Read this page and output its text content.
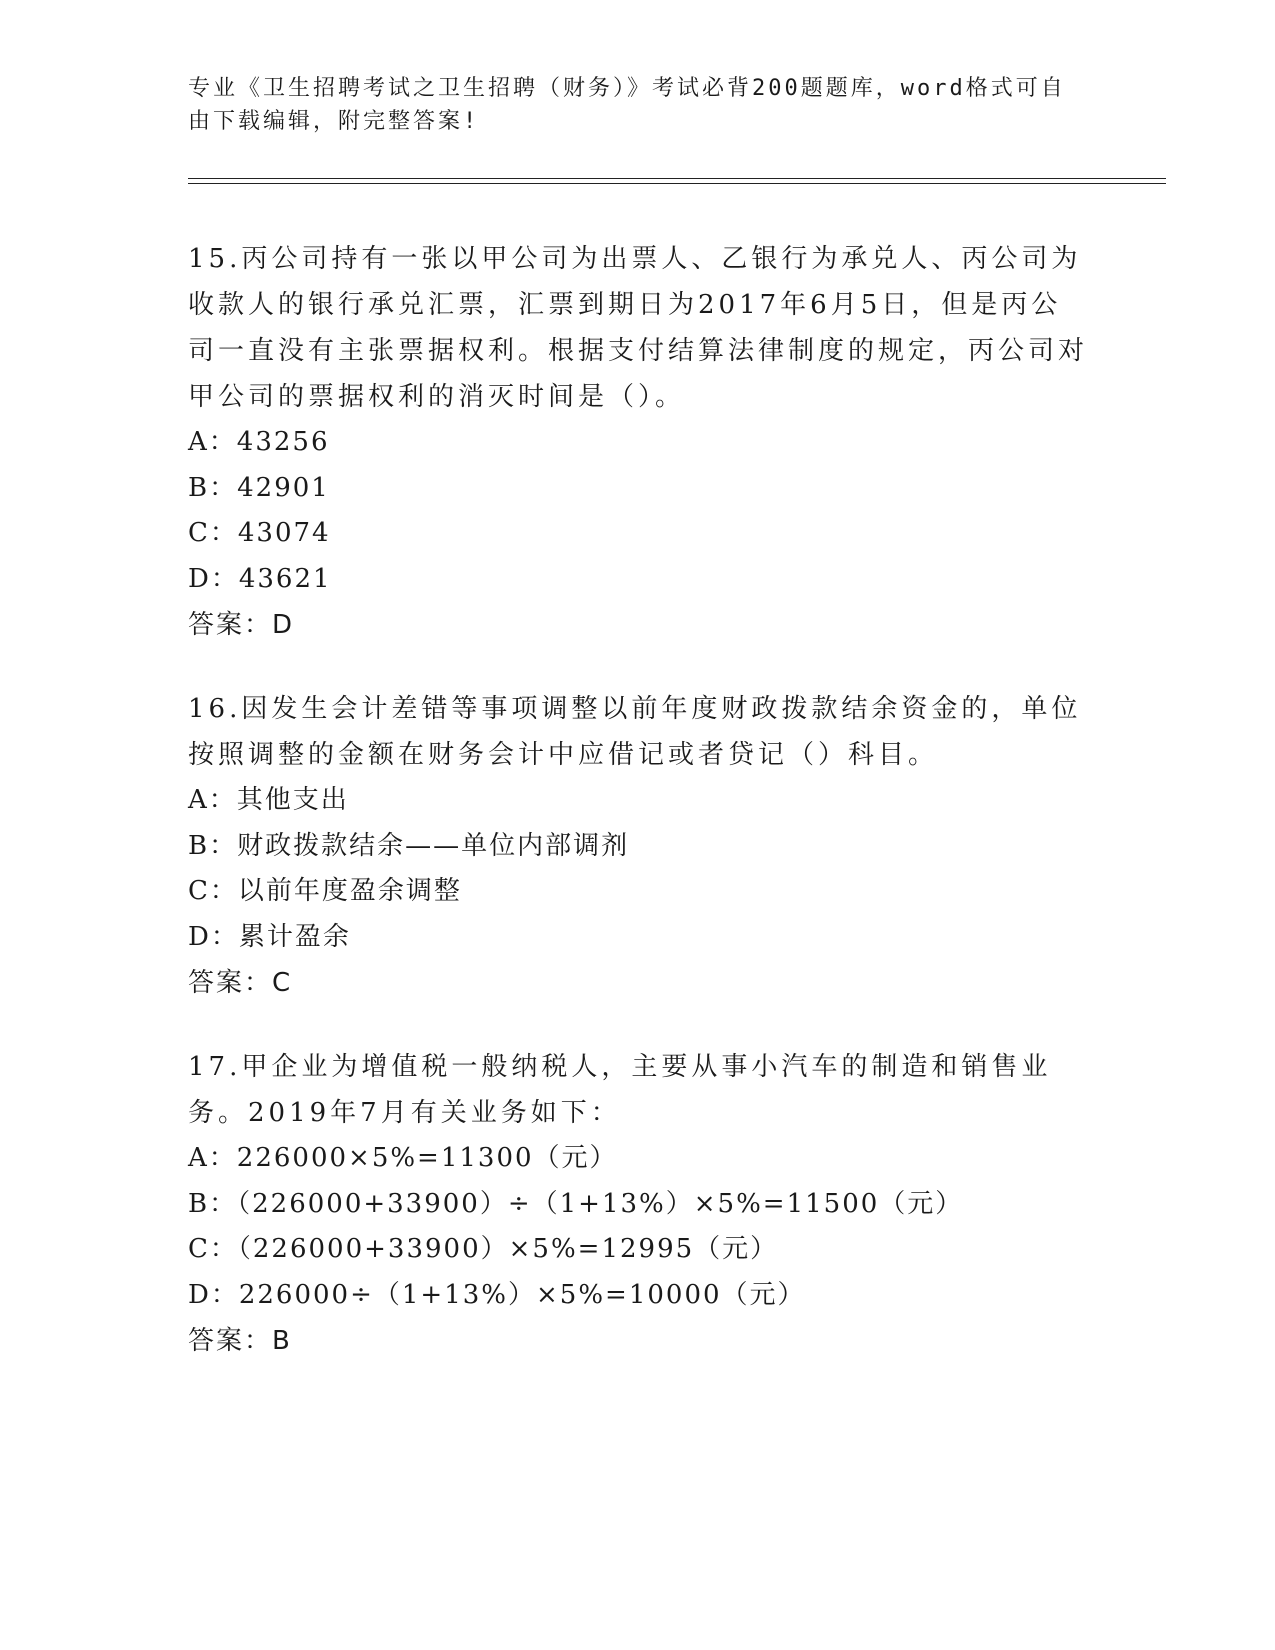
专业《卫生招聘考试之卫生招聘（财务）》考试必背200题题库，word格式可自由下载编辑，附完整答案!

15.丙公司持有一张以甲公司为出票人、乙银行为承兑人、丙公司为收款人的银行承兑汇票，汇票到期日为2017年6月5日，但是丙公司一直没有主张票据权利。根据支付结算法律制度的规定，丙公司对甲公司的票据权利的消灭时间是（）。

A：43256

B：42901

C：43074

D：43621

答案：D

16.因发生会计差错等事项调整以前年度财政拨款结余资金的，单位按照调整的金额在财务会计中应借记或者贷记（）科目。

A：其他支出

B：财政拨款结余——单位内部调剂

C：以前年度盈余调整

D：累计盈余

答案：C

17.甲企业为增值税一般纳税人，主要从事小汽车的制造和销售业务。2019年7月有关业务如下：

A：226000×5%=11300（元）

B：（226000+33900）÷（1+13%）×5%=11500（元）

C：（226000+33900）×5%=12995（元）

D：226000÷（1+13%）×5%=10000（元）

答案：B
